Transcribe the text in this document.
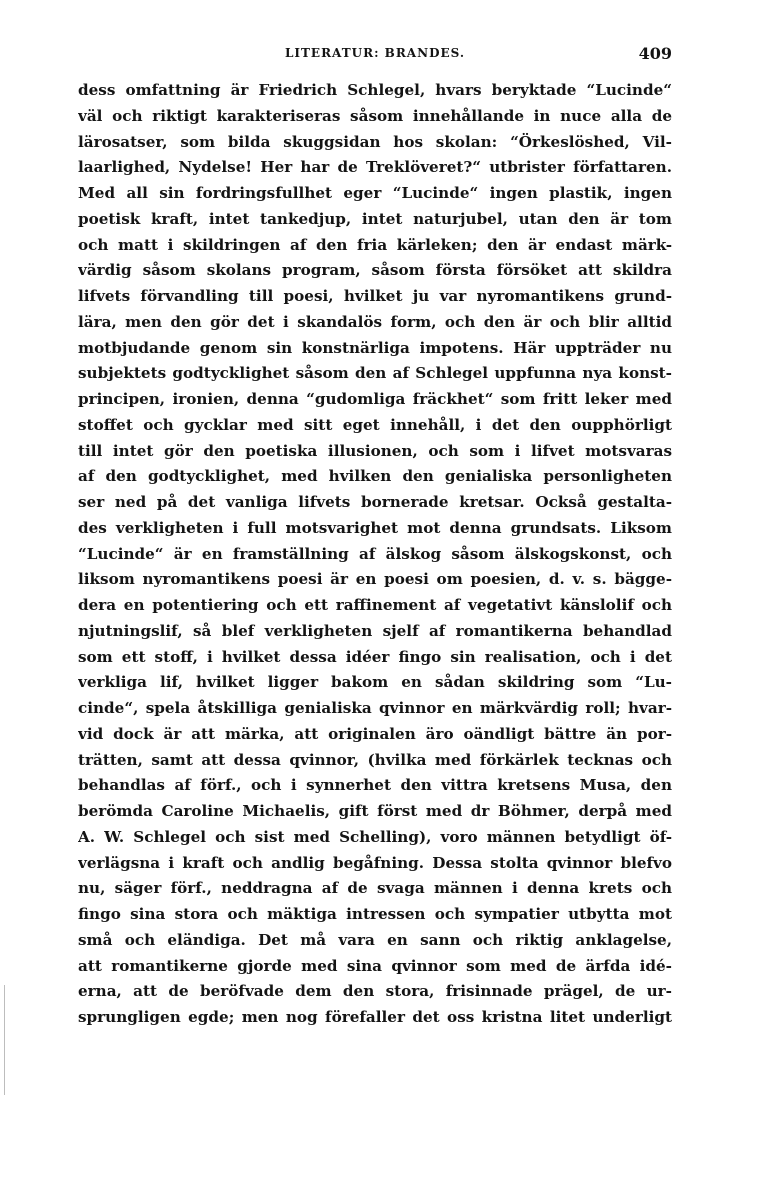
LITERATUR: BRANDES.	409
dess omfattning är Friedrich Schlegel, hvars beryktade “Lucinde“
väl och riktigt karakteriseras såsom innehållande in nuce alla de
lärosatser, som bilda skuggsidan hos skolan: “Örkeslöshed, Vil-
laarlighed, Nydelse! Her har de Treklöveret?“ utbrister författaren.
Med all sin fordringsfullhet eger “Lucinde“ ingen plastik, ingen
poetisk kraft, intet tankedjup, intet naturjubel, utan den är tom
och matt i skildringen af den fria kärleken; den är endast märk-
värdig såsom skolans program, såsom första försöket att skildra
lifvets förvandling till poesi, hvilket ju var nyromantikens grund-
lära, men den gör det i skandalös form, och den är och blir alltid
motbjudande genom sin konstnärliga impotens. Här uppträder nu
subjektets godtycklighet såsom den af Schlegel uppfunna nya konst-
principen, ironien, denna “gudomliga fräckhet“ som fritt leker med
stoffet och gycklar med sitt eget innehåll, i det den oupphörligt
till intet gör den poetiska illusionen, och som i lifvet motsvaras
af den godtycklighet, med hvilken den genialiska personligheten
ser ned på det vanliga lifvets bornerade kretsar. Också gestalta-
des verkligheten i full motsvarighet mot denna grundsats. Liksom
“Lucinde“ är en framställning af älskog såsom älskogskonst, och
liksom nyromantikens poesi är en poesi om poesien, d. v. s. bägge-
dera en potentiering och ett raffinement af vegetativt känslolif och
njutningslif, så blef verkligheten sjelf af romantikerna behandlad
som ett stoff, i hvilket dessa idéer fingo sin realisation, och i det
verkliga lif, hvilket ligger bakom en sådan skildring som “Lu-
cinde“, spela åtskilliga genialiska qvinnor en märkvärdig roll; hvar-
vid dock är att märka, att originalen äro oändligt bättre än por-
trätten, samt att dessa qvinnor, (hvilka med förkärlek tecknas och
behandlas af förf., och i synnerhet den vittra kretsens Musa, den
berömda Caroline Michaelis, gift först med dr Böhmer, derpå med
A. W. Schlegel och sist med Schelling), voro männen betydligt öf-
verlägsna i kraft och andlig begåfning. Dessa stolta qvinnor blefvo
nu, säger förf., neddragna af de svaga männen i denna krets och
fingo sina stora och mäktiga intressen och sympatier utbytta mot
små och eländiga. Det må vara en sann och riktig anklagelse,
att romantikerne gjorde med sina qvinnor som med de ärfda idé-
erna, att de beröfvade dem den stora, frisinnade prägel, de ur-
sprungligen egde; men nog förefaller det oss kristna litet underligt
